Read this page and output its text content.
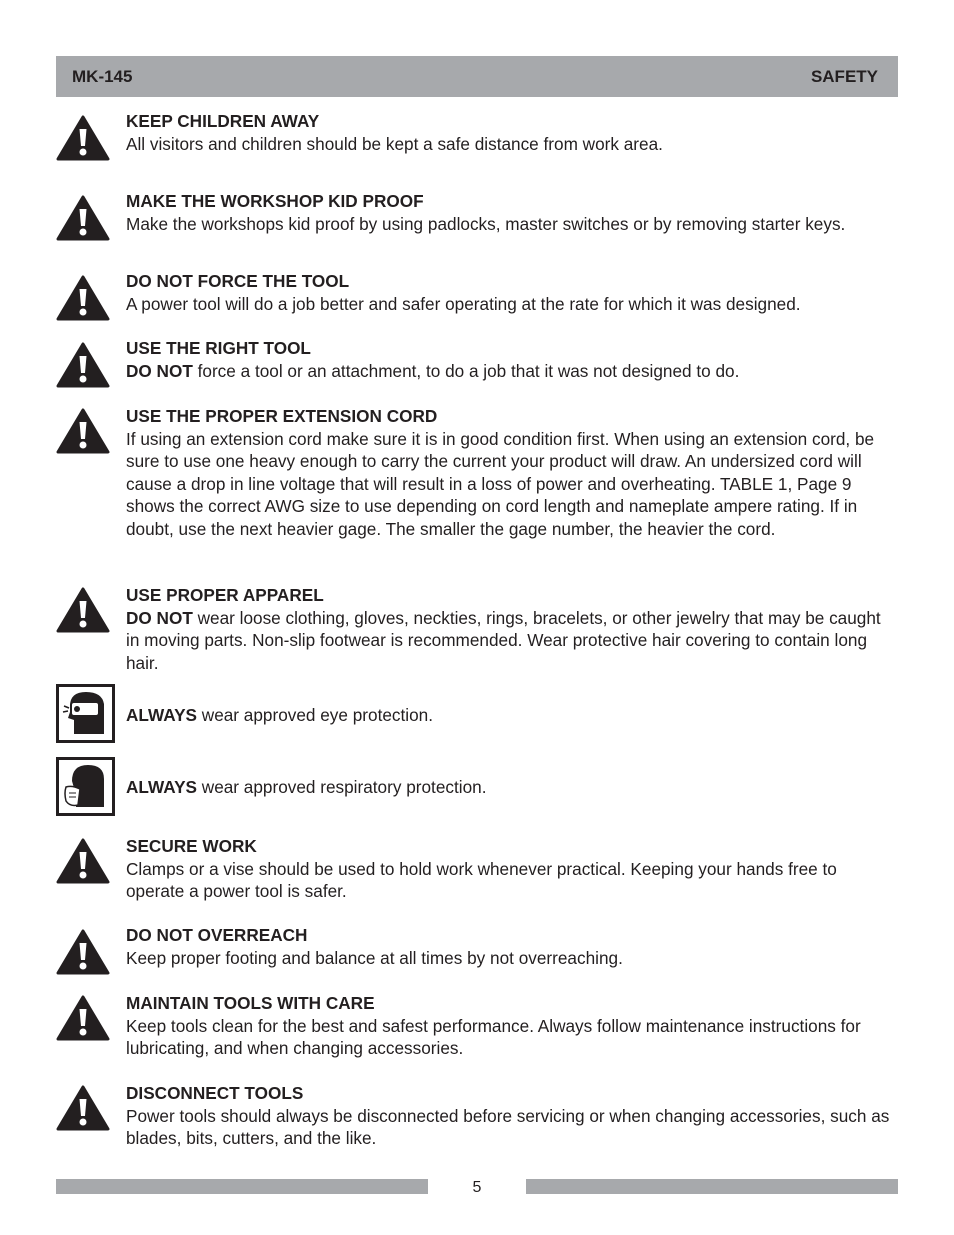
MK-145	SAFETY
KEEP CHILDREN AWAY
All visitors and children should be kept a safe distance from work area.
MAKE THE WORKSHOP KID PROOF
Make the workshops kid proof by using padlocks, master switches or by removing starter keys.
DO NOT FORCE THE TOOL
A power tool will do a job better and safer operating at the rate for which it was designed.
USE THE RIGHT TOOL
DO NOT force a tool or an attachment, to do a job that it was not designed to do.
USE THE PROPER EXTENSION CORD
If using an extension cord make sure it is in good condition first. When using an extension cord, be sure to use one heavy enough to carry the current your product will draw. An undersized cord will cause a drop in line voltage that will result in a loss of power and overheating. TABLE 1, Page 9 shows the correct AWG size to use depending on cord length and nameplate ampere rating. If in doubt, use the next heavier gage. The smaller the gage number, the heavier the cord.
USE PROPER APPAREL
DO NOT wear loose clothing, gloves, neckties, rings, bracelets, or other jewelry that may be caught in moving parts. Non-slip footwear is recommended. Wear protective hair covering to contain long hair.
ALWAYS wear approved eye protection.
ALWAYS wear approved respiratory protection.
SECURE WORK
Clamps or a vise should be used to hold work whenever practical. Keeping your hands free to operate a power tool is safer.
DO NOT OVERREACH
Keep proper footing and balance at all times by not overreaching.
MAINTAIN TOOLS WITH CARE
Keep tools clean for the best and safest performance. Always follow maintenance instructions for lubricating, and when changing accessories.
DISCONNECT TOOLS
Power tools should always be disconnected before servicing or when changing accessories, such as blades, bits, cutters, and the like.
5
